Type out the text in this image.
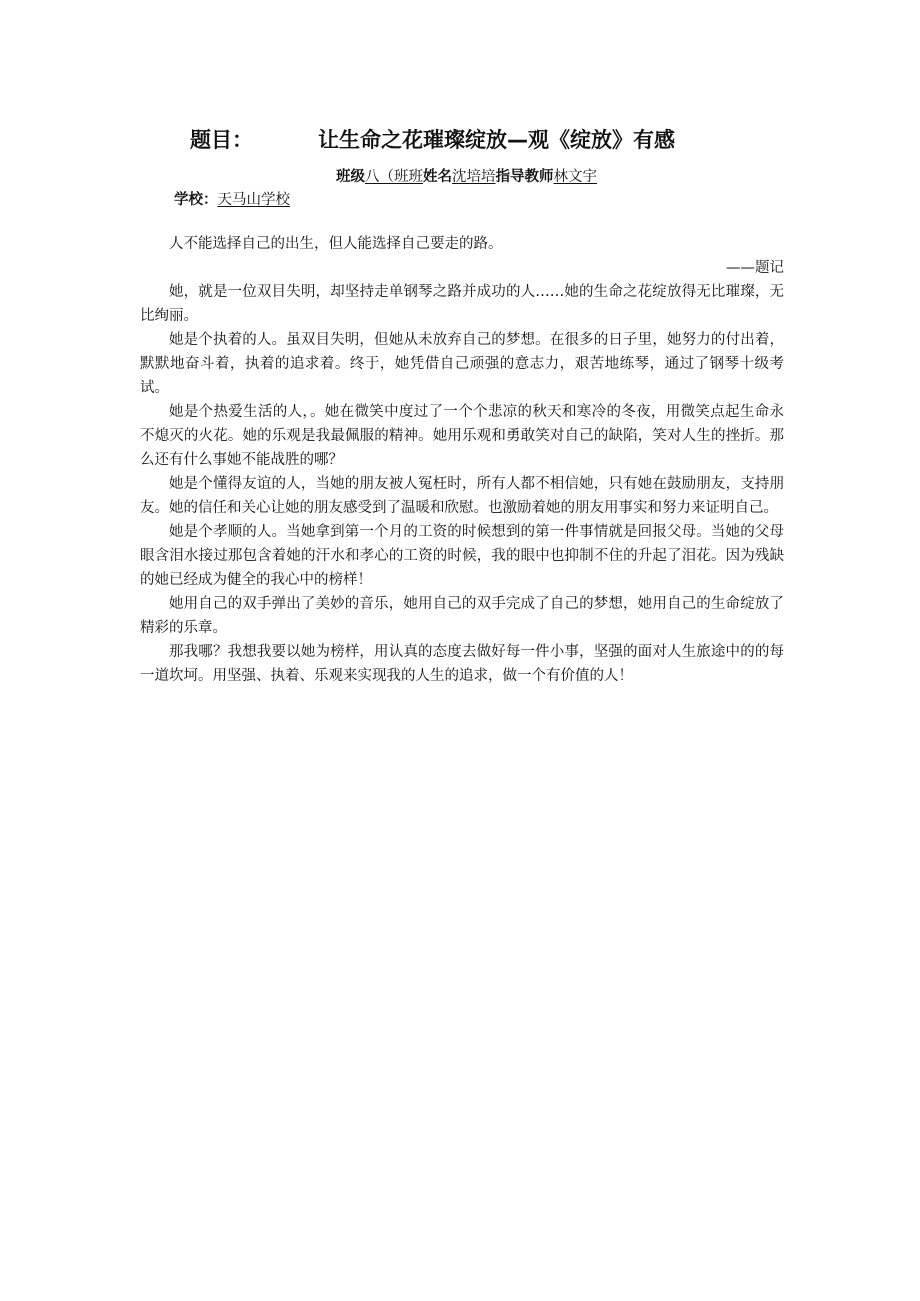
题目：	让生命之花璀璨绽放—观《绽放》有感
班级八（班班姓名沈培培指导教师林文宇
学校：天马山学校

人不能选择自己的出生，但人能选择自己要走的路。

——题记

她，就是一位双目失明，却坚持走单钢琴之路并成功的人……她的生命之花绽放得无比璀璨，无比绚丽。

她是个执着的人。虽双目失明，但她从未放弃自己的梦想。在很多的日子里，她努力的付出着，默默地奋斗着，执着的追求着。终于，她凭借自己顽强的意志力，艰苦地练琴，通过了钢琴十级考试。

她是个热爱生活的人，。她在微笑中度过了一个个悲凉的秋天和寒冷的冬夜，用微笑点起生命永不熄灭的火花。她的乐观是我最佩服的精神。她用乐观和勇敢笑对自己的缺陷，笑对人生的挫折。那么还有什么事她不能战胜的哪？

她是个懂得友谊的人，当她的朋友被人冤枉时，所有人都不相信她，只有她在鼓励朋友，支持朋友。她的信任和关心让她的朋友感受到了温暖和欣慰。也激励着她的朋友用事实和努力来证明自己。

她是个孝顺的人。当她拿到第一个月的工资的时候想到的第一件事情就是回报父母。当她的父母眼含泪水接过那包含着她的汗水和孝心的工资的时候，我的眼中也抑制不住的升起了泪花。因为残缺的她已经成为健全的我心中的榜样！

她用自己的双手弹出了美妙的音乐，她用自己的双手完成了自己的梦想，她用自己的生命绽放了精彩的乐章。

那我哪？我想我要以她为榜样，用认真的态度去做好每一件小事，坚强的面对人生旅途中的的每一道坎坷。用坚强、执着、乐观来实现我的人生的追求，做一个有价值的人！
